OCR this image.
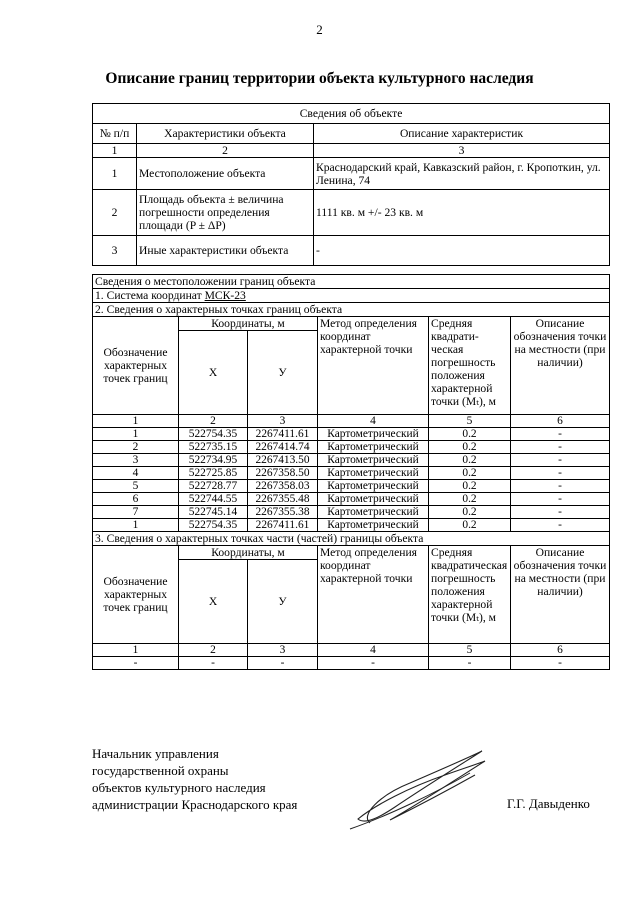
2
Описание границ территории объекта культурного наследия
Сведения об объекте		
№ п/п	Характеристики объекта	Описание характеристик
1	2	3
1	Местоположение объекта	Краснодарский край, Кавказский район, г. Кропоткин, ул. Ленина, 74
2	Площадь объекта ± величина погрешности определения площади (P ± ΔP)	1111 кв. м +/- 23 кв. м
3	Иные характеристики объекта	-
Сведения о местоположении границ объекта					
1. Система координат МСК-23					
2. Сведения о характерных точках границ объекта					
Обозначение характерных точек границ	Координаты, м		Метод определения координат характерной точки	Средняя квадрати-ческая погрешность положения характерной точки (Mₜ), м	Описание обозначения точки на местности (при наличии)
	X	У			
1	2	3	4	5	6
1	522754.35	2267411.61	Картометрический	0.2	-
2	522735.15	2267414.74	Картометрический	0.2	-
3	522734.95	2267413.50	Картометрический	0.2	-
4	522725.85	2267358.50	Картометрический	0.2	-
5	522728.77	2267358.03	Картометрический	0.2	-
6	522744.55	2267355.48	Картометрический	0.2	-
7	522745.14	2267355.38	Картометрический	0.2	-
1	522754.35	2267411.61	Картометрический	0.2	-
3. Сведения о характерных точках части (частей) границы объекта					
Обозначение характерных точек границ	Координаты, м		Метод определения координат характерной точки	Средняя квадратическая погрешность положения характерной точки (Mₜ), м	Описание обозначения точки на местности (при наличии)
	X	У			
1	2	3	4	5	6
-	-	-	-	-	-
Начальник управления
государственной охраны
объектов культурного наследия
администрации Краснодарского края	Г.Г. Давыденко
